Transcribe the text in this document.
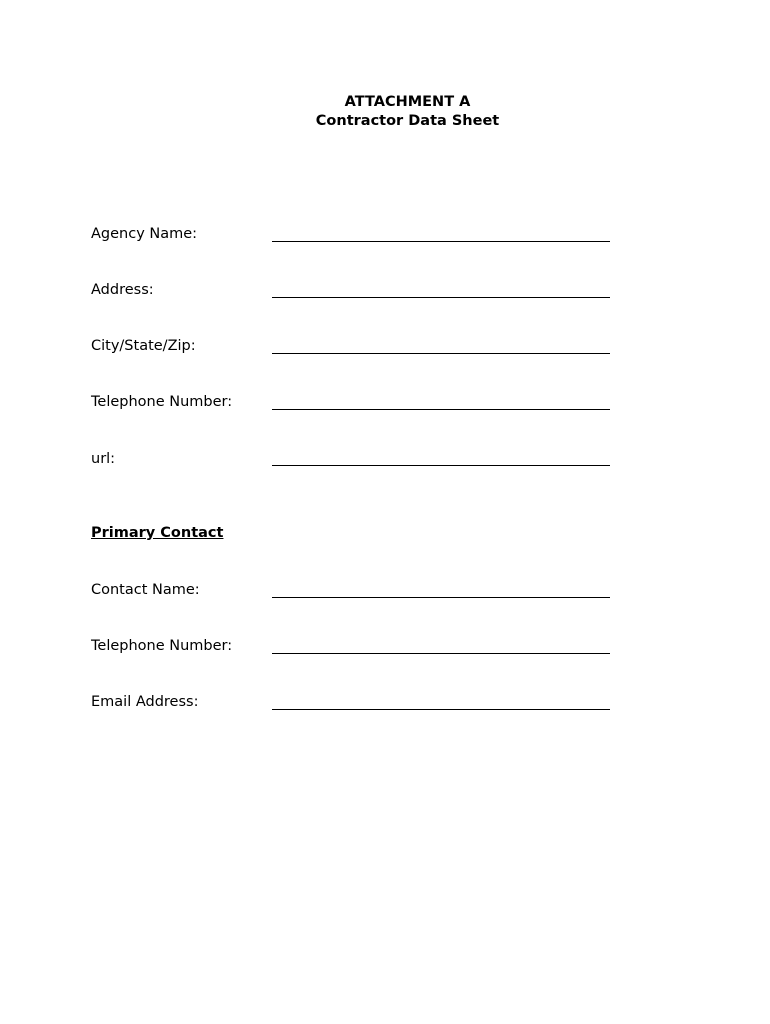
ATTACHMENT A
Contractor Data Sheet
Agency Name:
Address:
City/State/Zip:
Telephone Number:
url:
Primary Contact
Contact Name:
Telephone Number:
Email Address:
